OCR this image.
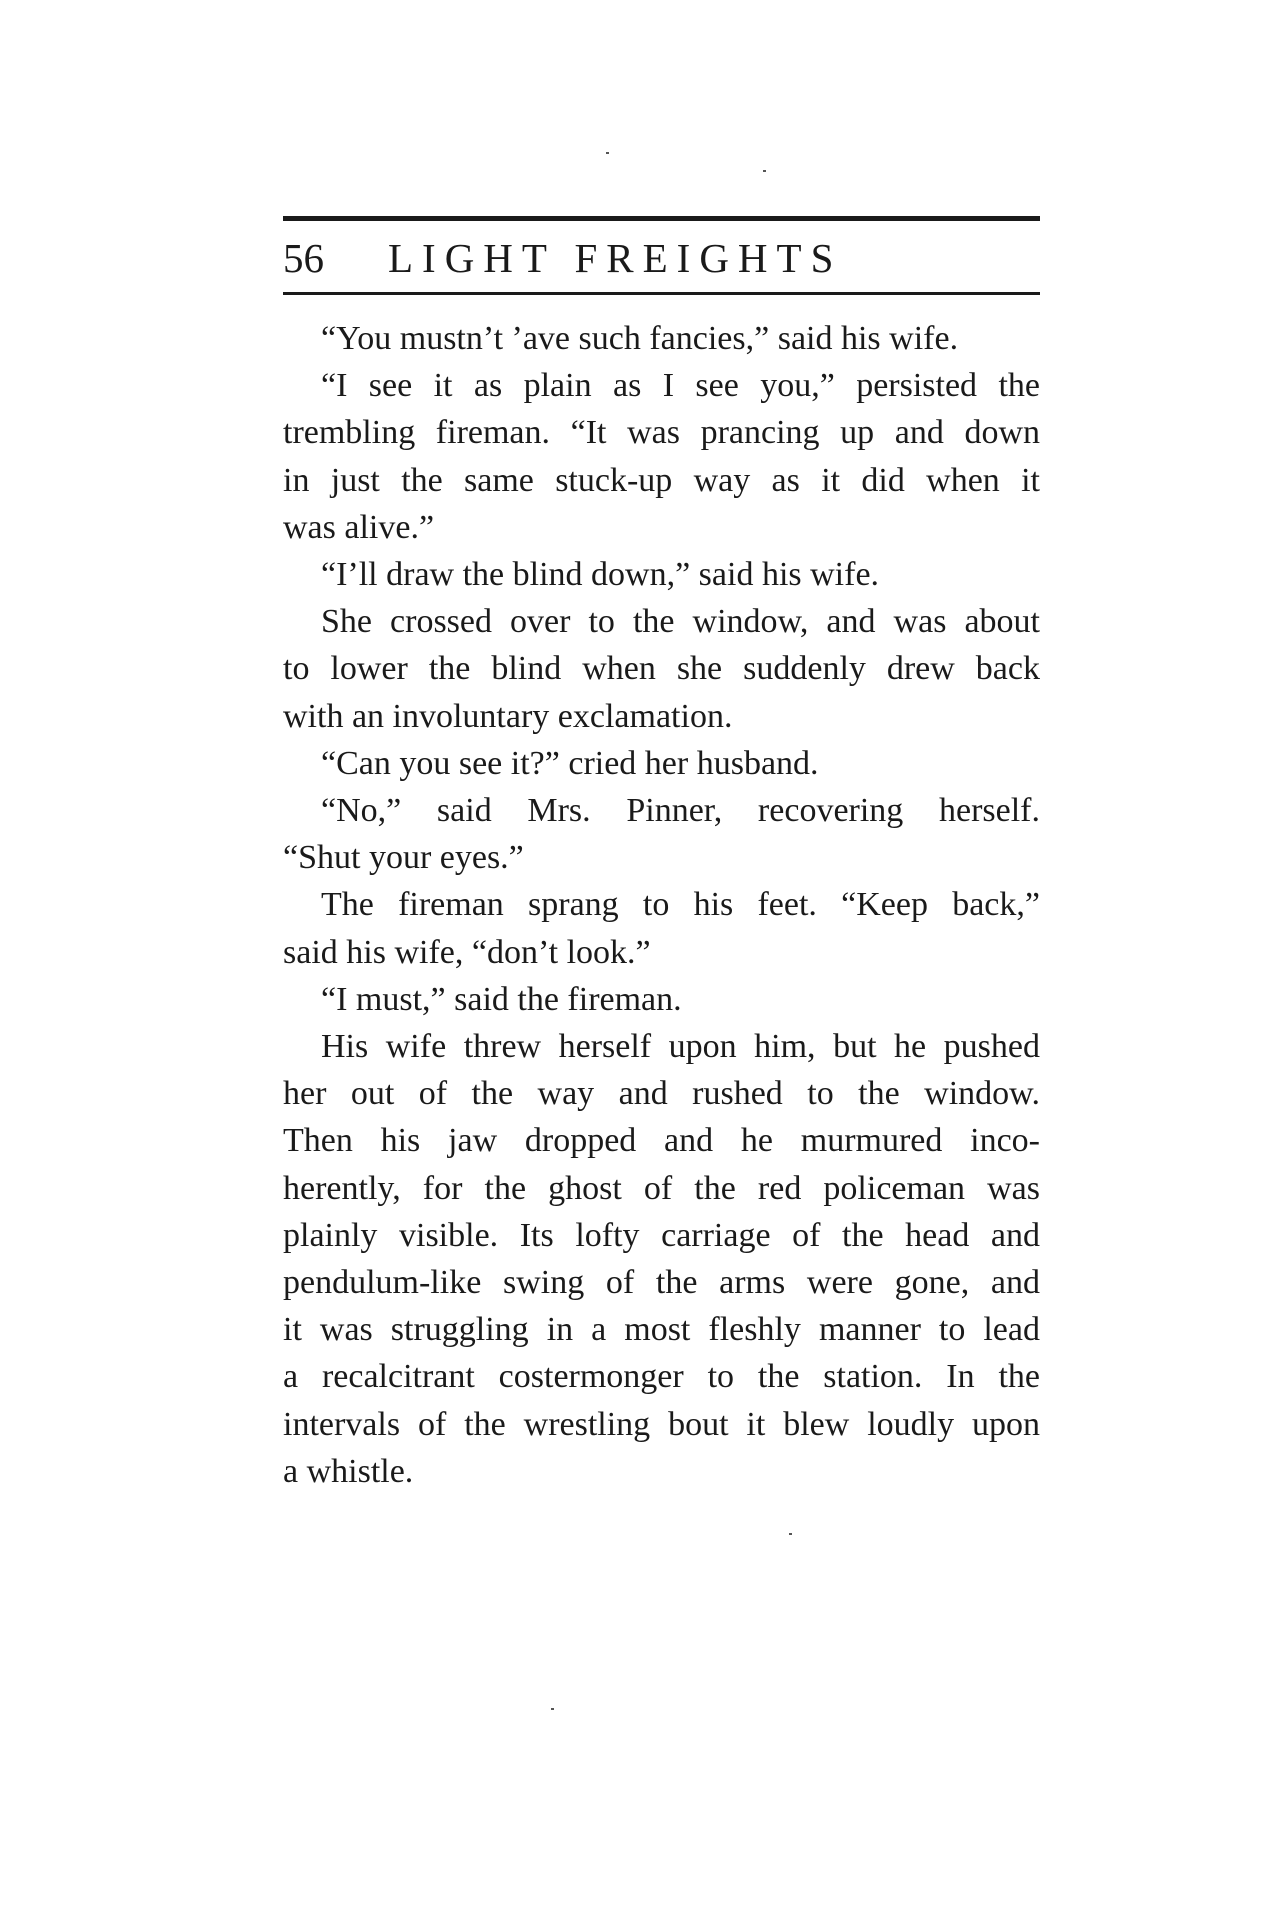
56	LIGHT FREIGHTS

“You mustn’t ’ave such fancies,” said his wife.

“I see it as plain as I see you,” persisted the
trembling fireman. “It was prancing up and down
in just the same stuck-up way as it did when it
was alive.”

“I’ll draw the blind down,” said his wife.

She crossed over to the window, and was about
to lower the blind when she suddenly drew back
with an involuntary exclamation.

“Can you see it?” cried her husband.

“No,” said Mrs. Pinner, recovering herself.
“Shut your eyes.”

The fireman sprang to his feet. “Keep back,”
said his wife, “don’t look.”

“I must,” said the fireman.

His wife threw herself upon him, but he pushed
her out of the way and rushed to the window.
Then his jaw dropped and he murmured inco-
herently, for the ghost of the red policeman was
plainly visible. Its lofty carriage of the head and
pendulum-like swing of the arms were gone, and
it was struggling in a most fleshly manner to lead
a recalcitrant costermonger to the station. In the
intervals of the wrestling bout it blew loudly upon
a whistle.
